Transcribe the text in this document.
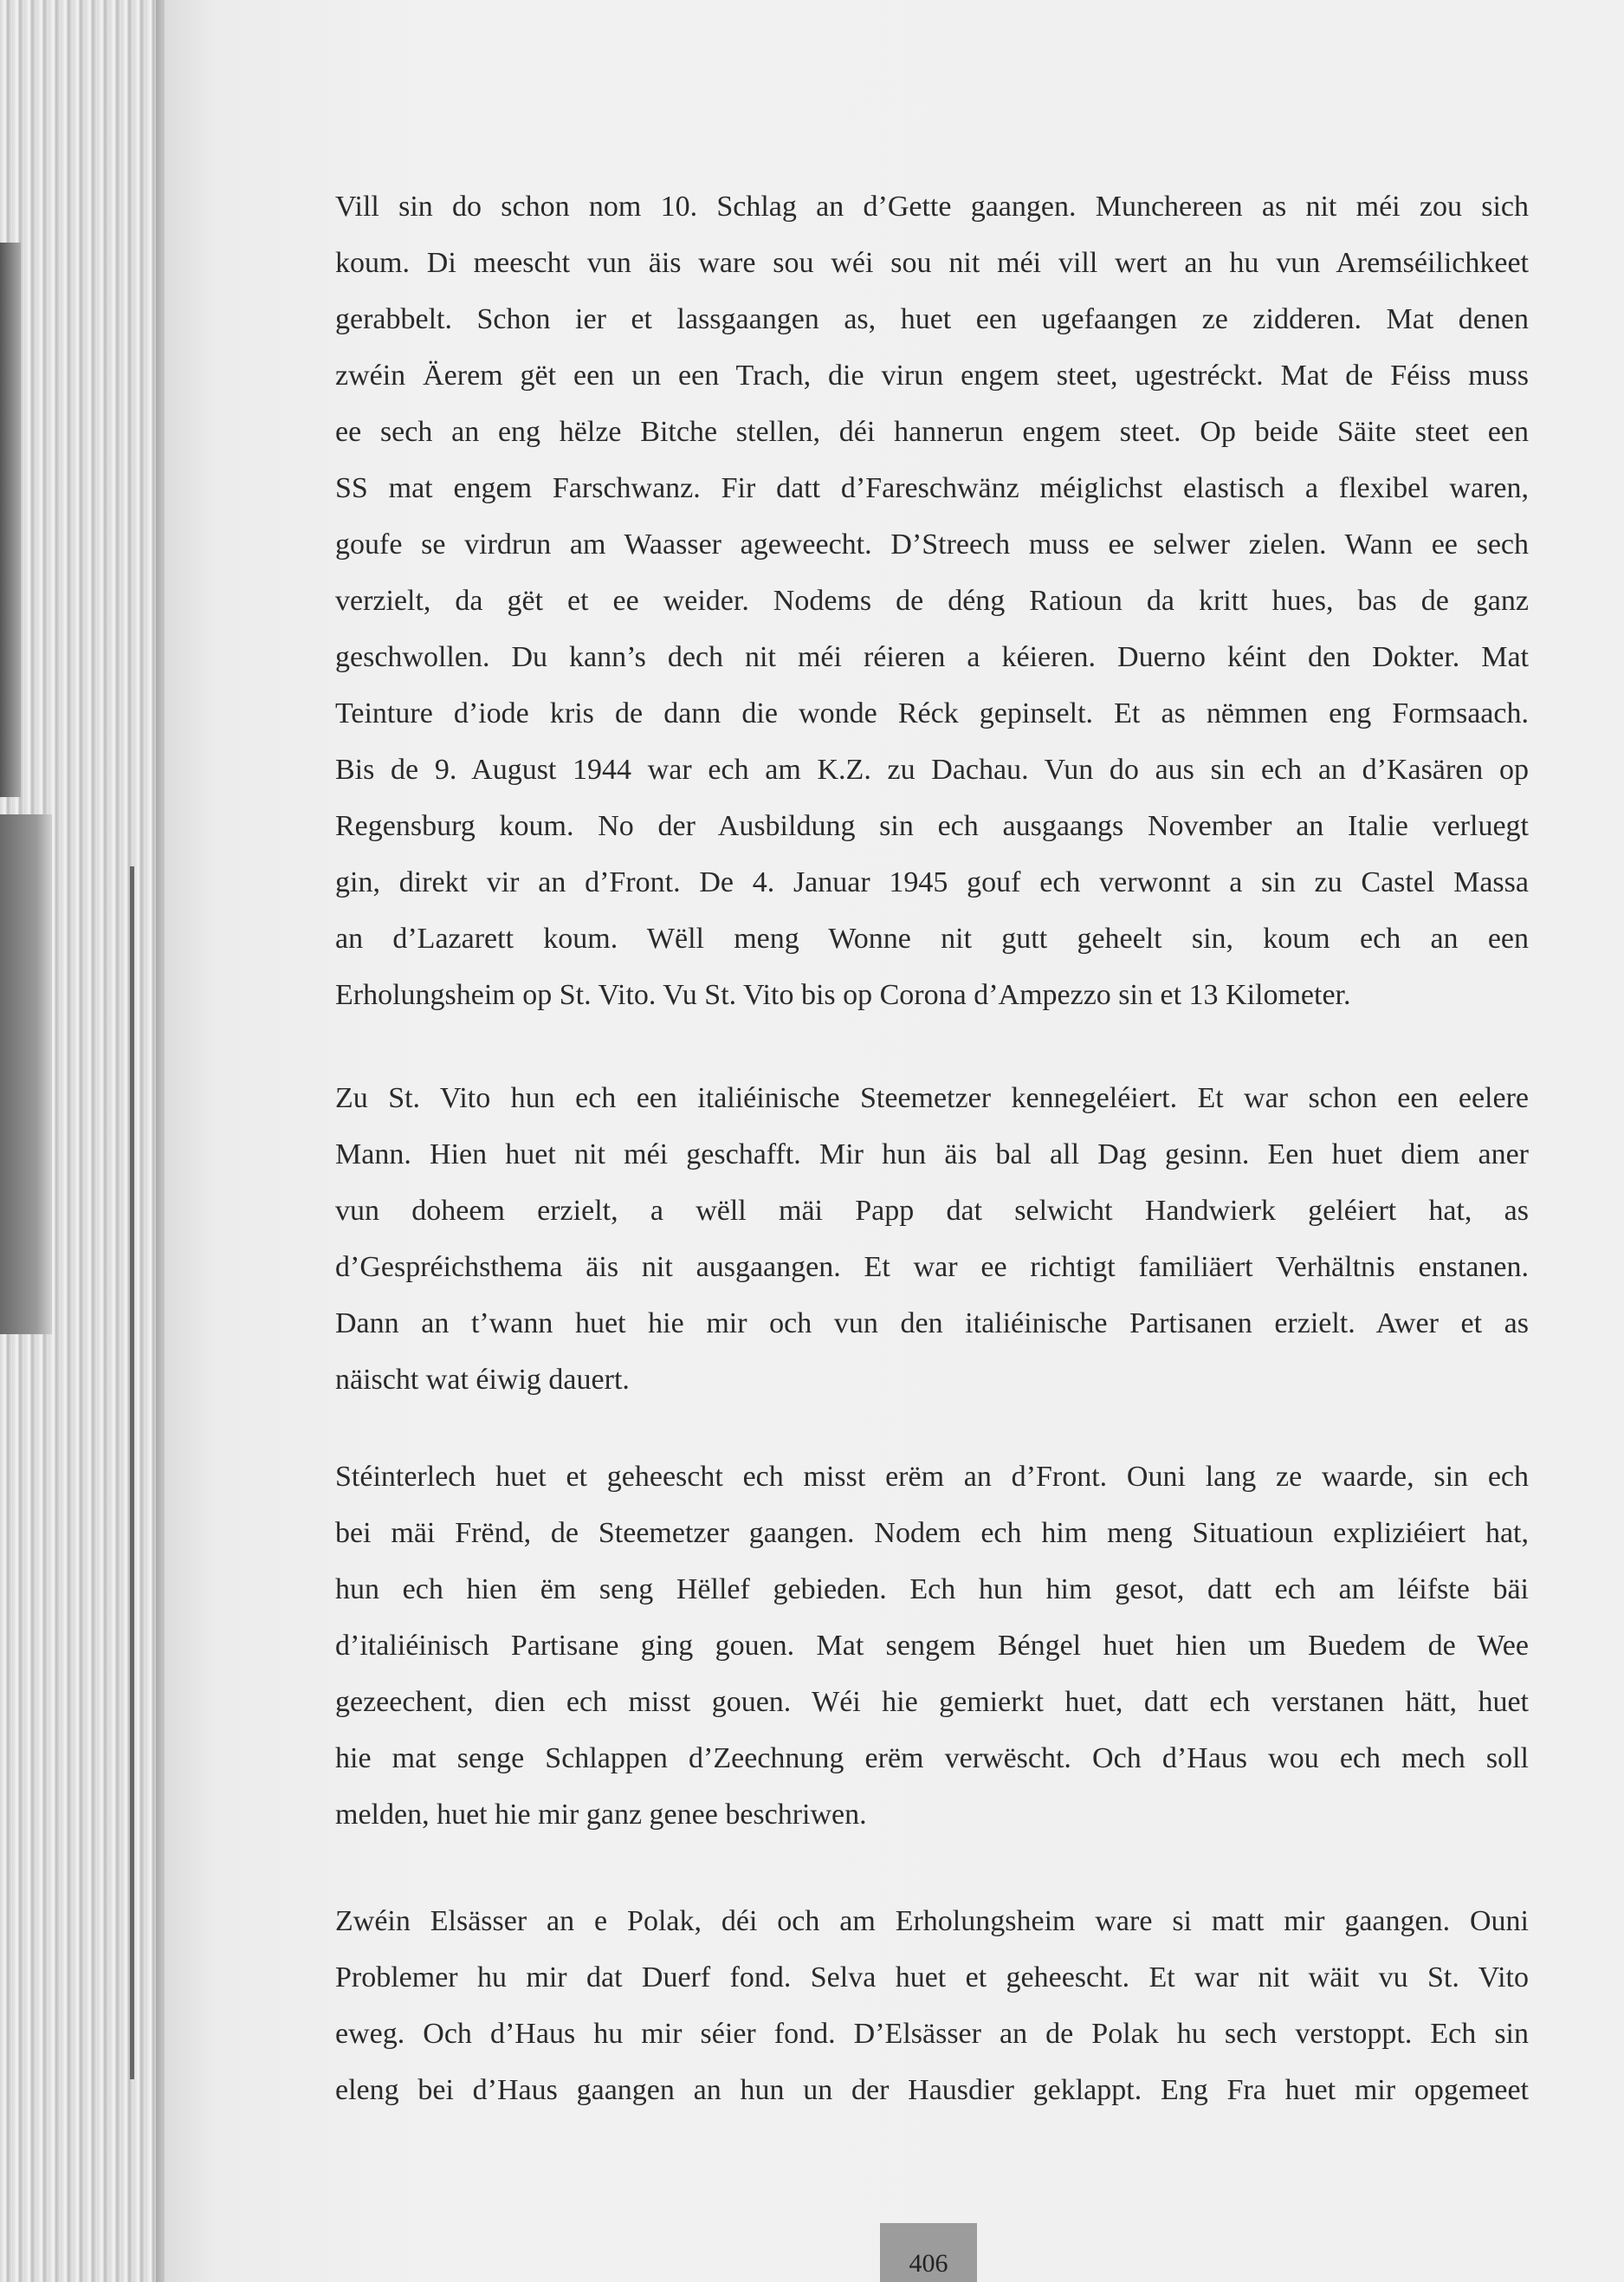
Vill sin do schon nom 10. Schlag an d’Gette gaangen. Munchereen as nit méi zou sich
koum. Di meescht vun äis ware sou wéi sou nit méi vill wert an hu vun Aremséilichkeet
gerabbelt. Schon ier et lassgaangen as, huet een ugefaangen ze zidderen. Mat denen
zwéin Äerem gët een un een Trach, die virun engem steet, ugestréckt. Mat de Féiss muss
ee sech an eng hëlze Bitche stellen, déi hannerun engem steet. Op beide Säite steet een
SS mat engem Farschwanz. Fir datt d’Fareschwänz méiglichst elastisch a flexibel waren,
goufe se virdrun am Waasser ageweecht. D’Streech muss ee selwer zielen. Wann ee sech
verzielt, da gët et ee weider. Nodems de déng Ratioun da kritt hues, bas de ganz
geschwollen. Du kann’s dech nit méi réieren a kéieren. Duerno kéint den Dokter. Mat
Teinture d’iode kris de dann die wonde Réck gepinselt. Et as nëmmen eng Formsaach.
Bis de 9. August 1944 war ech am K.Z. zu Dachau. Vun do aus sin ech an d’Kasären op
Regensburg koum. No der Ausbildung sin ech ausgaangs November an Italie verluegt
gin, direkt vir an d’Front. De 4. Januar 1945 gouf ech verwonnt a sin zu Castel Massa
an d’Lazarett koum. Wëll meng Wonne nit gutt geheelt sin, koum ech an een
Erholungsheim op St. Vito. Vu St. Vito bis op Corona d’Ampezzo sin et 13 Kilometer.
Zu St. Vito hun ech een italiéinische Steemetzer kennegeléiert. Et war schon een eelere
Mann. Hien huet nit méi geschafft. Mir hun äis bal all Dag gesinn. Een huet diem aner
vun doheem erzielt, a wëll mäi Papp dat selwicht Handwierk geléiert hat, as
d’Gespréichsthema äis nit ausgaangen. Et war ee richtigt familiäert Verhältnis enstanen.
Dann an t’wann huet hie mir och vun den italiéinische Partisanen erzielt. Awer et as
näischt wat éiwig dauert.
Stéinterlech huet et geheescht ech misst erëm an d’Front. Ouni lang ze waarde, sin ech
bei mäi Frënd, de Steemetzer gaangen. Nodem ech him meng Situatioun expliziéiert hat,
hun ech hien ëm seng Hëllef gebieden. Ech hun him gesot, datt ech am léifste bäi
d’italiéinisch Partisane ging gouen. Mat sengem Béngel huet hien um Buedem de Wee
gezeechent, dien ech misst gouen. Wéi hie gemierkt huet, datt ech verstanen hätt, huet
hie mat senge Schlappen d’Zeechnung erëm verwëscht. Och d’Haus wou ech mech soll
melden, huet hie mir ganz genee beschriwen.
Zwéin Elsässer an e Polak, déi och am Erholungsheim ware si matt mir gaangen. Ouni
Problemer hu mir dat Duerf fond. Selva huet et geheescht. Et war nit wäit vu St. Vito
eweg. Och d’Haus hu mir séier fond. D’Elsässer an de Polak hu sech verstoppt. Ech sin
eleng bei d’Haus gaangen an hun un der Hausdier geklappt. Eng Fra huet mir opgemeet
406
